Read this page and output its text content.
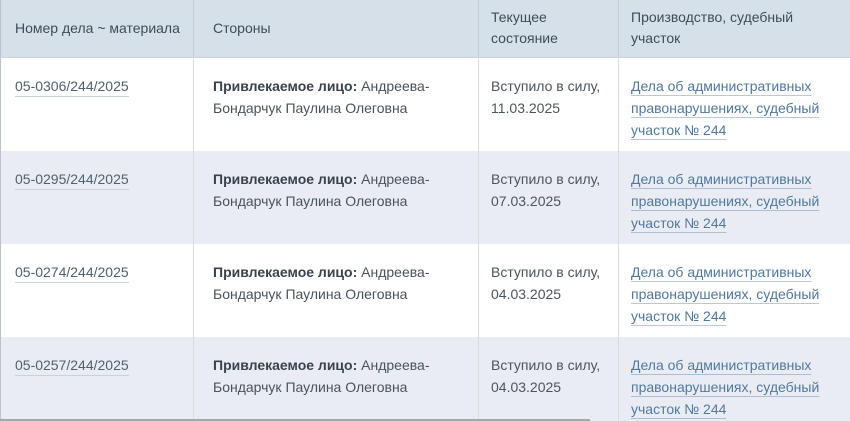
Номер дела ~ материала	Стороны	Текущее состояние	Производство, судебный участок
05-0306/244/2025	Привлекаемое лицо: Андреева-Бондарчук Паулина Олеговна	Вступило в силу, 11.03.2025	Дела об административных правонарушениях, судебный участок № 244
05-0295/244/2025	Привлекаемое лицо: Андреева-Бондарчук Паулина Олеговна	Вступило в силу, 07.03.2025	Дела об административных правонарушениях, судебный участок № 244
05-0274/244/2025	Привлекаемое лицо: Андреева-Бондарчук Паулина Олеговна	Вступило в силу, 04.03.2025	Дела об административных правонарушениях, судебный участок № 244
05-0257/244/2025	Привлекаемое лицо: Андреева-Бондарчук Паулина Олеговна	Вступило в силу, 04.03.2025	Дела об административных правонарушениях, судебный участок № 244
